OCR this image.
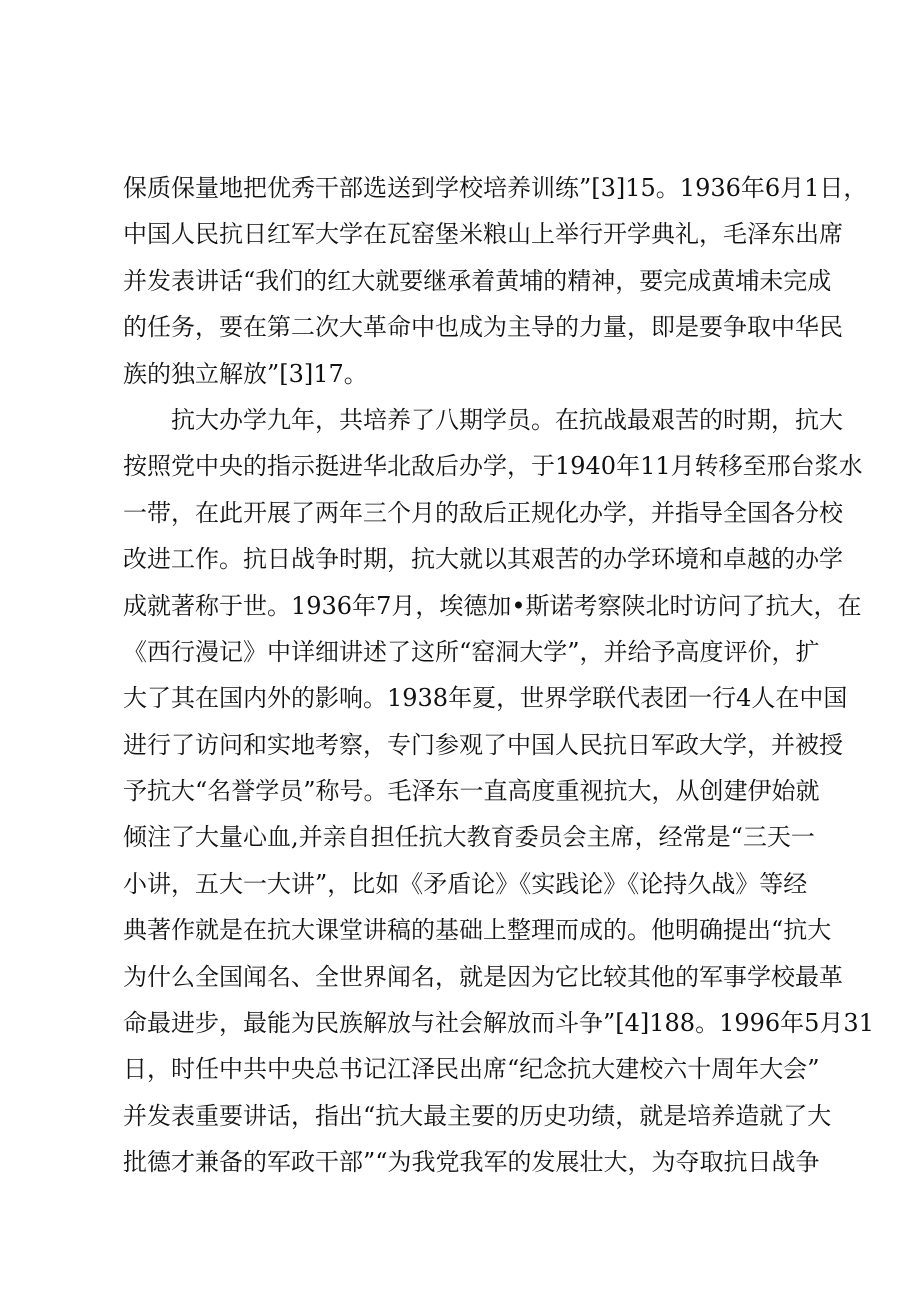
保质保量地把优秀干部选送到学校培养训练”[3]15。1936年6月1日，
中国人民抗日红军大学在瓦窑堡米粮山上举行开学典礼，毛泽东出席
并发表讲话“我们的红大就要继承着黄埔的精神，要完成黄埔未完成
的任务，要在第二次大革命中也成为主导的力量，即是要争取中华民
族的独立解放”[3]17。
抗大办学九年，共培养了八期学员。在抗战最艰苦的时期，抗大
按照党中央的指示挺进华北敌后办学，于1940年11月转移至邢台浆水
一带，在此开展了两年三个月的敌后正规化办学，并指导全国各分校
改进工作。抗日战争时期，抗大就以其艰苦的办学环境和卓越的办学
成就著称于世。1936年7月，埃德加•斯诺考察陕北时访问了抗大，在
《西行漫记》中详细讲述了这所“窑洞大学”，并给予高度评价，扩
大了其在国内外的影响。1938年夏，世界学联代表团一行4人在中国
进行了访问和实地考察，专门参观了中国人民抗日军政大学，并被授
予抗大“名誉学员”称号。毛泽东一直高度重视抗大，从创建伊始就
倾注了大量心血,并亲自担任抗大教育委员会主席，经常是“三天一
小讲，五大一大讲”，比如《矛盾论》《实践论》《论持久战》等经
典著作就是在抗大课堂讲稿的基础上整理而成的。他明确提出“抗大
为什么全国闻名、全世界闻名，就是因为它比较其他的军事学校最革
命最进步，最能为民族解放与社会解放而斗争”[4]188。1996年5月31
日，时任中共中央总书记江泽民出席“纪念抗大建校六十周年大会”
并发表重要讲话，指出“抗大最主要的历史功绩，就是培养造就了大
批德才兼备的军政干部”“为我党我军的发展壮大，为夺取抗日战争
